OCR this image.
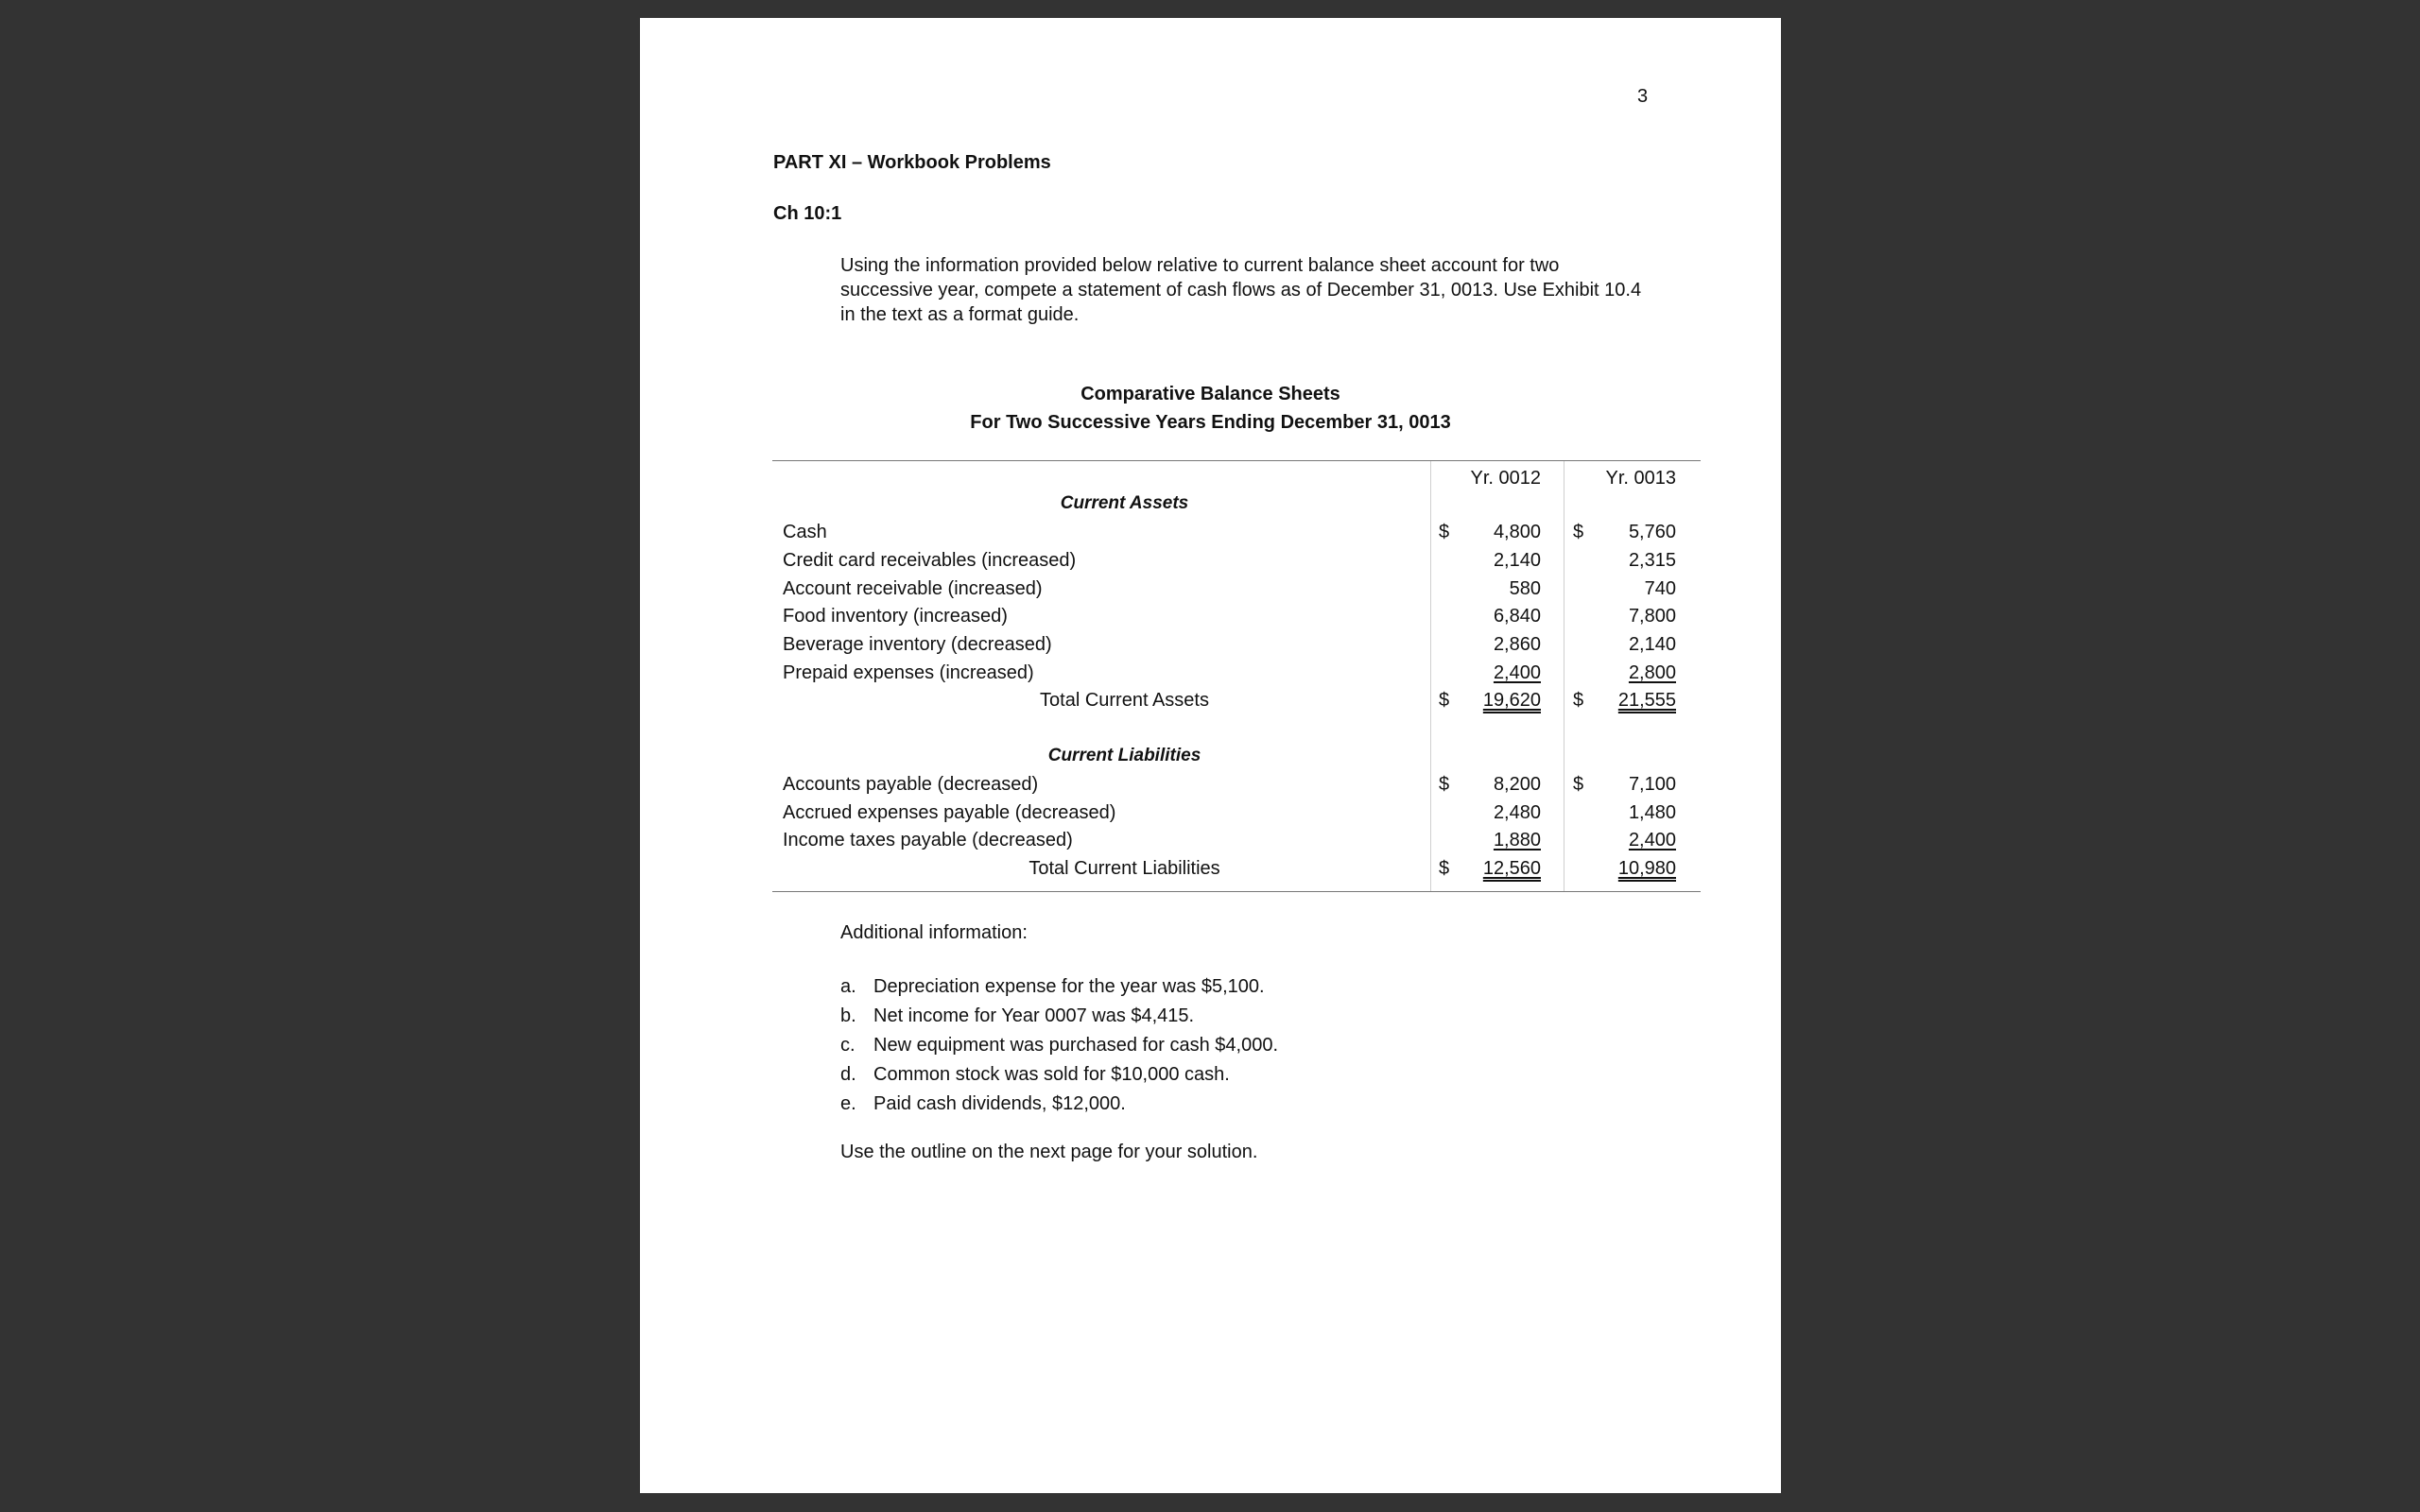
3
PART XI – Workbook Problems
Ch 10:1
Using the information provided below relative to current balance sheet account for two
successive year, compete a statement of cash flows as of December 31, 0013. Use Exhibit 10.4
in the text as a format guide.
Comparative Balance Sheets
For Two Successive Years Ending December 31, 0013
Yr. 0012	Yr. 0013
Current Assets
Cash	$ 4,800 $ 5,760
Credit card receivables (increased)	2,140	2,315
Account receivable (increased)	580	740
Food inventory (increased)	6,840	7,800
Beverage inventory (decreased)	2,860	2,140
Prepaid expenses (increased)	2,400	2,800
Total Current Assets	$ 19,620 $ 21,555
Current Liabilities
Accounts payable (decreased)	$ 8,200 $ 7,100
Accrued expenses payable (decreased)	2,480	1,480
Income taxes payable (decreased)	1,880	2,400
Total Current Liabilities	$ 12,560	10,980
Additional information:
a. Depreciation expense for the year was $5,100.
b. Net income for Year 0007 was $4,415.
c. New equipment was purchased for cash $4,000.
d. Common stock was sold for $10,000 cash.
e. Paid cash dividends, $12,000.
Use the outline on the next page for your solution.
